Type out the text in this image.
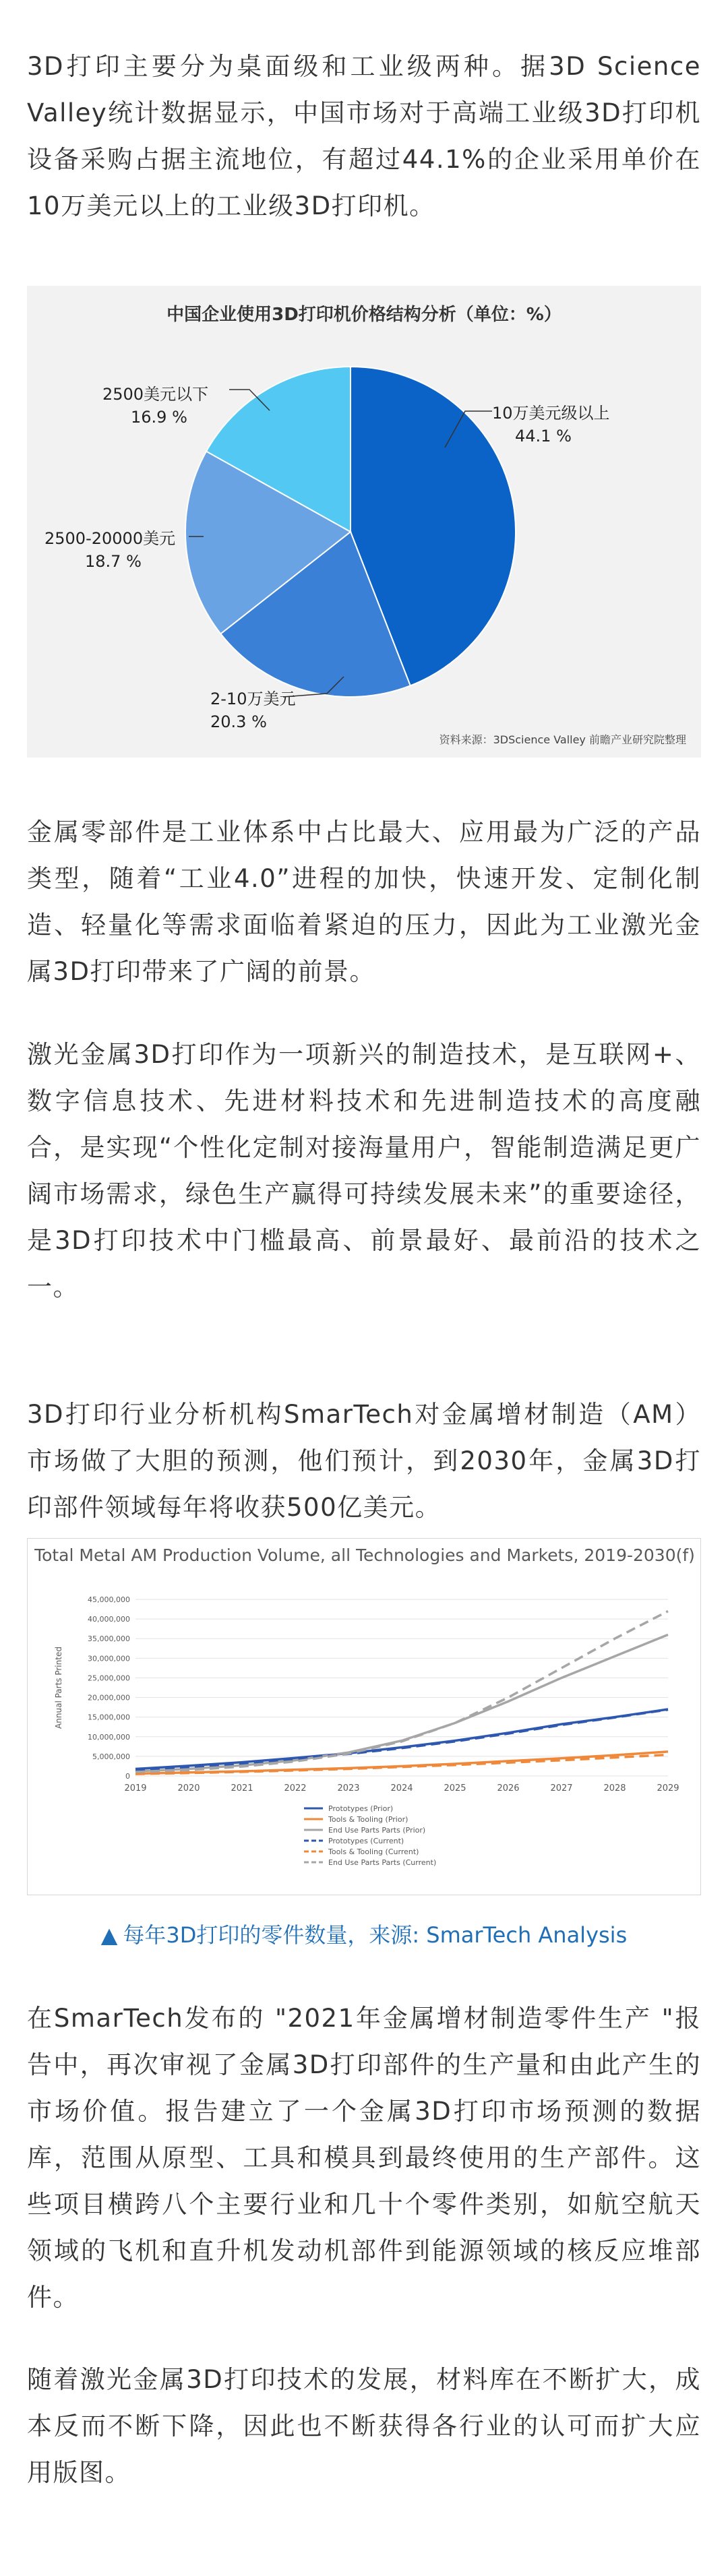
3D打印主要分为桌面级和工业级两种。据3D Science Valley统计数据显示，中国市场对于高端工业级3D打印机设备采购占据主流地位，有超过44.1%的企业采用单价在10万美元以上的工业级3D打印机。

中国企业使用3D打印机价格结构分析（单位：%）
10万美元级以上
44.1 %
2-10万美元
20.3 %
2500-20000美元
18.7 %
2500美元以下
16.9 %
资料来源：3DScience Valley 前瞻产业研究院整理

金属零部件是工业体系中占比最大、应用最为广泛的产品类型，随着“工业4.0”进程的加快，快速开发、定制化制造、轻量化等需求面临着紧迫的压力，因此为工业激光金属3D打印带来了广阔的前景。

激光金属3D打印作为一项新兴的制造技术，是互联网+、数字信息技术、先进材料技术和先进制造技术的高度融合，是实现“个性化定制对接海量用户，智能制造满足更广阔市场需求，绿色生产赢得可持续发展未来”的重要途径，是3D打印技术中门槛最高、前景最好、最前沿的技术之一。

3D打印行业分析机构SmarTech对金属增材制造（AM）市场做了大胆的预测，他们预计，到2030年，金属3D打印部件领域每年将收获500亿美元。

Total Metal AM Production Volume, all Technologies and Markets, 2019-2030(f)
0
5,000,000
10,000,000
15,000,000
20,000,000
25,000,000
30,000,000
35,000,000
40,000,000
45,000,000
2019	2020	2021	2022	2023	2024	2025	2026	2027	2028	2029
Annual Parts Printed
Prototypes (Prior)
Tools & Tooling (Prior)
End Use Parts Parts (Prior)
Prototypes (Current)
Tools & Tooling (Current)
End Use Parts Parts (Current)
▲ 每年3D打印的零件数量，来源: SmarTech Analysis

在SmarTech发布的 "2021年金属增材制造零件生产 "报告中，再次审视了金属3D打印部件的生产量和由此产生的市场价值。报告建立了一个金属3D打印市场预测的数据库，范围从原型、工具和模具到最终使用的生产部件。这些项目横跨八个主要行业和几十个零件类别，如航空航天领域的飞机和直升机发动机部件到能源领域的核反应堆部件。

随着激光金属3D打印技术的发展，材料库在不断扩大，成本反而不断下降，因此也不断获得各行业的认可而扩大应用版图。
